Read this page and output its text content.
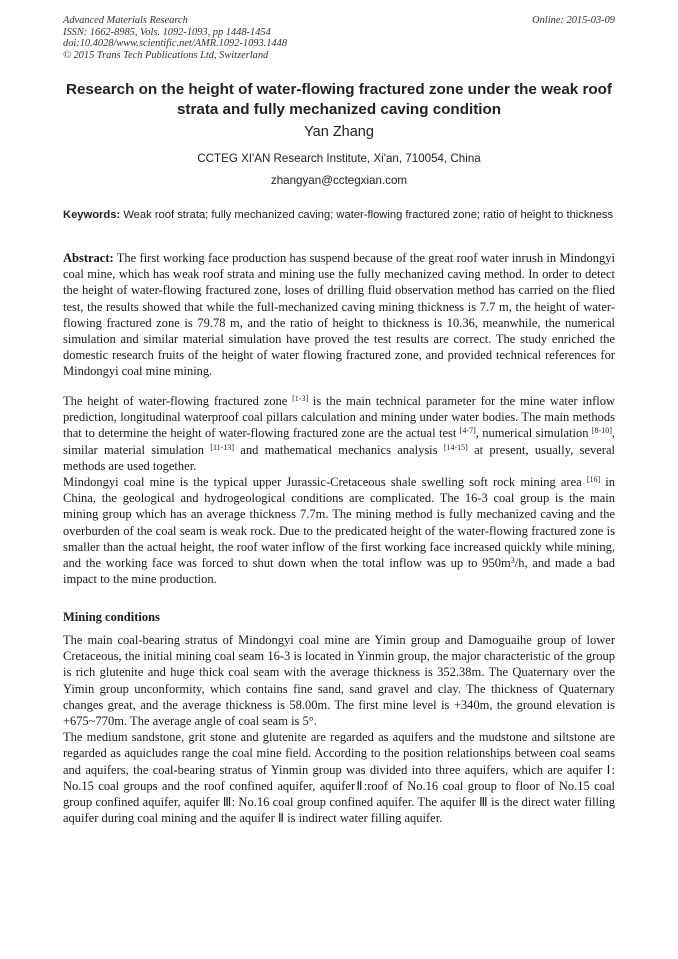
Advanced Materials Research
ISSN: 1662-8985, Vols. 1092-1093, pp 1448-1454
doi:10.4028/www.scientific.net/AMR.1092-1093.1448
© 2015 Trans Tech Publications Ltd, Switzerland
Online: 2015-03-09
Research on the height of water-flowing fractured zone under the weak roof strata and fully mechanized caving condition
Yan Zhang
CCTEG XI'AN Research Institute, Xi'an, 710054, China
zhangyan@cctegxian.com
Keywords: Weak roof strata; fully mechanized caving; water-flowing fractured zone; ratio of height to thickness

Abstract: The first working face production has suspend because of the great roof water inrush in Mindongyi coal mine, which has weak roof strata and mining use the fully mechanized caving method. In order to detect the height of water-flowing fractured zone, loses of drilling fluid observation method has carried on the flied test, the results showed that while the full-mechanized caving mining thickness is 7.7 m, the height of water-flowing fractured zone is 79.78 m, and the ratio of height to thickness is 10.36, meanwhile, the numerical simulation and similar material simulation have proved the test results are correct. The study enriched the domestic research fruits of the height of water flowing fractured zone, and provided technical references for Mindongyi coal mine mining.

The height of water-flowing fractured zone [1-3] is the main technical parameter for the mine water inflow prediction, longitudinal waterproof coal pillars calculation and mining under water bodies. The main methods that to determine the height of water-flowing fractured zone are the actual test [4-7], numerical simulation [8-10], similar material simulation [11-13] and mathematical mechanics analysis [14-15] at present, usually, several methods are used together.

Mindongyi coal mine is the typical upper Jurassic-Cretaceous shale swelling soft rock mining area [16] in China, the geological and hydrogeological conditions are complicated. The 16-3 coal group is the main mining group which has an average thickness 7.7m. The mining method is fully mechanized caving and the overburden of the coal seam is weak rock. Due to the predicated height of the water-flowing fractured zone is smaller than the actual height, the roof water inflow of the first working face increased quickly while mining, and the working face was forced to shut down when the total inflow was up to $950m^3/h$, and made a bad impact to the mine production.

Mining conditions

The main coal-bearing stratus of Mindongyi coal mine are Yimin group and Damoguaihe group of lower Cretaceous, the initial mining coal seam 16-3 is located in Yinmin group, the major characteristic of the group is rich glutenite and huge thick coal seam with the average thickness is 352.38m. The Quaternary over the Yimin group unconformity, which contains fine sand, sand gravel and clay. The thickness of Quaternary changes great, and the average thickness is 58.00m. The first mine level is +340m, the ground elevation is +675~770m. The average angle of coal seam is 5°.

The medium sandstone, grit stone and glutenite are regarded as aquifers and the mudstone and siltstone are regarded as aquicludes range the coal mine field. According to the position relationships between coal seams and aquifers, the coal-bearing stratus of Yinmin group was divided into three aquifers, which are aquifer Ⅰ: No.15 coal groups and the roof confined aquifer, aquiferⅡ:roof of No.16 coal group to floor of No.15 coal group confined aquifer, aquifer Ⅲ: No.16 coal group confined aquifer. The aquifer Ⅲ is the direct water filling aquifer during coal mining and the aquifer Ⅱ is indirect water filling aquifer.
